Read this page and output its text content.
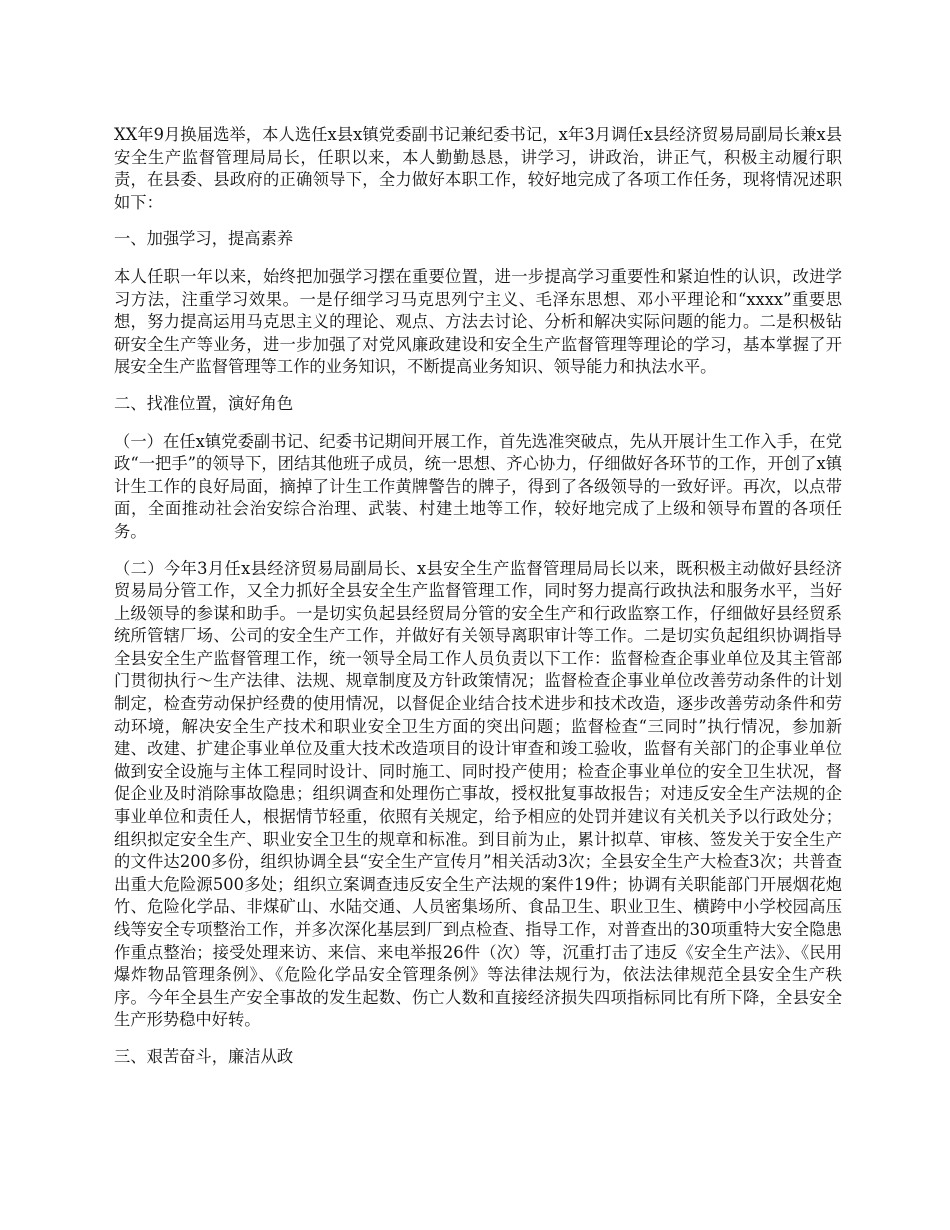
XX年9月换届选举，本人选任x县x镇党委副书记兼纪委书记，x年3月调任x县经济贸易局副局长兼x县安全生产监督管理局局长，任职以来，本人勤勤恳恳，讲学习，讲政治，讲正气，积极主动履行职责，在县委、县政府的正确领导下，全力做好本职工作，较好地完成了各项工作任务，现将情况述职如下：

一、加强学习，提高素养

本人任职一年以来，始终把加强学习摆在重要位置，进一步提高学习重要性和紧迫性的认识，改进学习方法，注重学习效果。一是仔细学习马克思列宁主义、毛泽东思想、邓小平理论和“xxxx”重要思想，努力提高运用马克思主义的理论、观点、方法去讨论、分析和解决实际问题的能力。二是积极钻研安全生产等业务，进一步加强了对党风廉政建设和安全生产监督管理等理论的学习，基本掌握了开展安全生产监督管理等工作的业务知识，不断提高业务知识、领导能力和执法水平。

二、找准位置，演好角色

（一）在任x镇党委副书记、纪委书记期间开展工作，首先选准突破点，先从开展计生工作入手，在党政“一把手”的领导下，团结其他班子成员，统一思想、齐心协力，仔细做好各环节的工作，开创了x镇计生工作的良好局面，摘掉了计生工作黄牌警告的牌子，得到了各级领导的一致好评。再次，以点带面，全面推动社会治安综合治理、武装、村建土地等工作，较好地完成了上级和领导布置的各项任务。

（二）今年3月任x县经济贸易局副局长、x县安全生产监督管理局局长以来，既积极主动做好县经济贸易局分管工作，又全力抓好全县安全生产监督管理工作，同时努力提高行政执法和服务水平，当好上级领导的参谋和助手。一是切实负起县经贸局分管的安全生产和行政监察工作，仔细做好县经贸系统所管辖厂场、公司的安全生产工作，并做好有关领导离职审计等工作。二是切实负起组织协调指导全县安全生产监督管理工作，统一领导全局工作人员负责以下工作：监督检查企事业单位及其主管部门贯彻执行～生产法律、法规、规章制度及方针政策情况；监督检查企事业单位改善劳动条件的计划制定，检查劳动保护经费的使用情况，以督促企业结合技术进步和技术改造，逐步改善劳动条件和劳动环境，解决安全生产技术和职业安全卫生方面的突出问题；监督检查“三同时”执行情况，参加新建、改建、扩建企事业单位及重大技术改造项目的设计审查和竣工验收，监督有关部门的企事业单位做到安全设施与主体工程同时设计、同时施工、同时投产使用；检查企事业单位的安全卫生状况，督促企业及时消除事故隐患；组织调查和处理伤亡事故，授权批复事故报告；对违反安全生产法规的企事业单位和责任人，根据情节轻重，依照有关规定，给予相应的处罚并建议有关机关予以行政处分；组织拟定安全生产、职业安全卫生的规章和标准。到目前为止，累计拟草、审核、签发关于安全生产的文件达200多份，组织协调全县“安全生产宣传月”相关活动3次；全县安全生产大检查3次；共普查出重大危险源500多处；组织立案调查违反安全生产法规的案件19件；协调有关职能部门开展烟花炮竹、危险化学品、非煤矿山、水陆交通、人员密集场所、食品卫生、职业卫生、横跨中小学校园高压线等安全专项整治工作，并多次深化基层到厂到点检查、指导工作，对普查出的30项重特大安全隐患作重点整治；接受处理来访、来信、来电举报26件（次）等，沉重打击了违反《安全生产法》、《民用爆炸物品管理条例》、《危险化学品安全管理条例》等法律法规行为，依法法律规范全县安全生产秩序。今年全县生产安全事故的发生起数、伤亡人数和直接经济损失四项指标同比有所下降，全县安全生产形势稳中好转。

三、艰苦奋斗，廉洁从政
